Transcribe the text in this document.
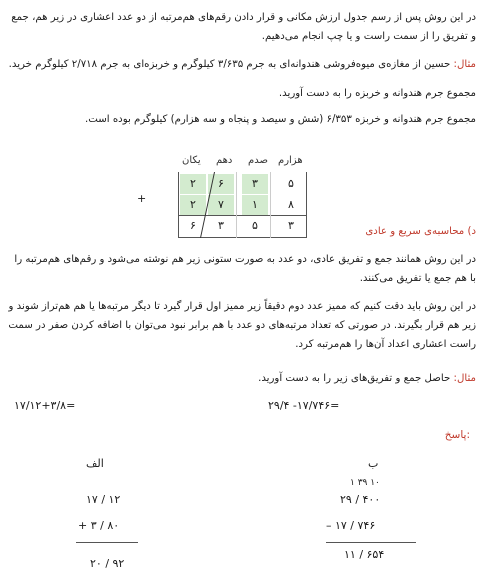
در این روش پس از رسم جدول ارزش مکانی و قرار دادن رقم‌های هم‌مرتبه از دو عدد اعشاری در زیر هم، جمع و تفریق را از سمت راست و یا چپ انجام می‌دهیم.

مثال: حسین از مغازه‌ی میوه‌فروشی هندوانه‌ای به جرم ۳/۶۳۵ کیلوگرم و خربزه‌ای به جرم ۲/۷۱۸ کیلوگرم خرید.

مجموع جرم هندوانه و خربزه را به دست آورید.

مجموع جرم هندوانه و خربزه ۶/۳۵۳ (شش و سیصد و پنجاه و سه هزارم) کیلوگرم بوده است.

یکان دهم صدم هزارم
۲	۶	۳	۵
۲	۷	۱	۸
۶	۳	۵	۳
+

د) محاسبه‌ی سریع و عادی

در این روش همانند جمع و تفریق عادی، دو عدد به صورت ستونی زیر هم نوشته می‌شود و رقم‌های هم‌مرتبه را با هم جمع یا تفریق می‌کنند.

در این روش باید دقت کنیم که ممیز عدد دوم دقیقاً زیر ممیز اول قرار گیرد تا دیگر مرتبه‌ها یا هم هم‌تراز شوند و زیر هم قرار بگیرند. در صورتی که تعداد مرتبه‌های دو عدد با هم برابر نبود می‌توان با اضافه کردن صفر در سمت راست اعشاری اعداد آن‌ها را هم‌مرتبه کرد.

مثال: حاصل جمع و تفریق‌های زیر را به دست آورید.

۲۹/۴ -۱۷/۷۴۶=
۱۷/۱۲+۳/۸=
پاسخ:
الف
۱۷ / ۱۲
+ ۳ / ۸۰
۲۰ / ۹۲
ب
۱ ۳۹ ۱۰
۲۹ / ۴۰۰
– ۱۷ / ۷۴۶
۱۱ / ۶۵۴
